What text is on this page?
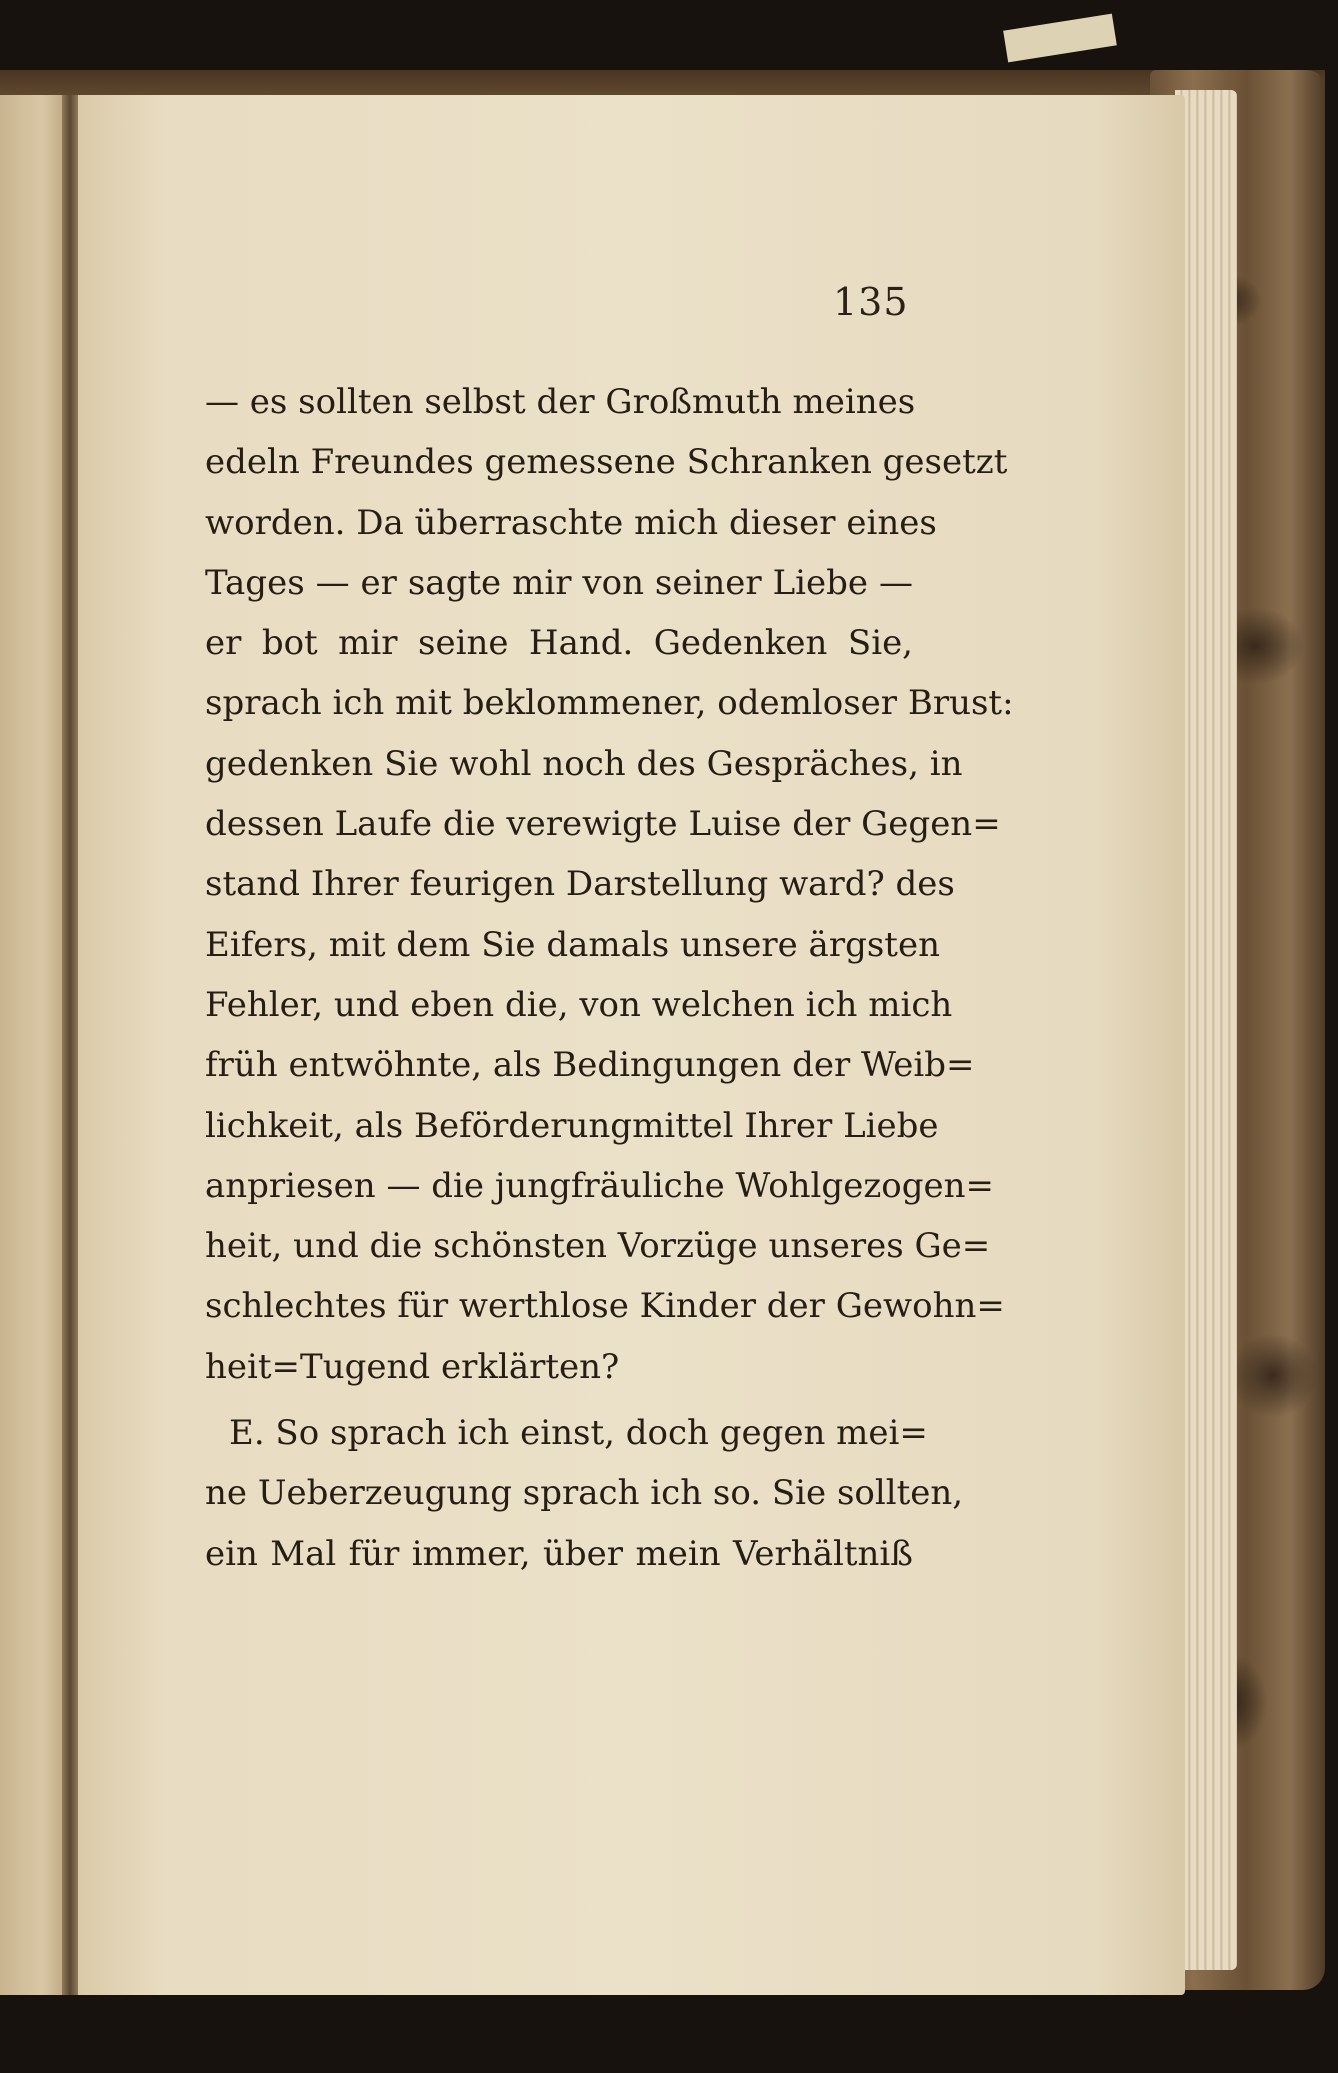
135
— es sollten selbst der Großmuth meines
edeln Freundes gemessene Schranken gesetzt
worden. Da überraschte mich dieser eines
Tages — er sagte mir von seiner Liebe —
er bot mir seine Hand. Gedenken Sie,
sprach ich mit beklommener, odemloser Brust:
gedenken Sie wohl noch des Gespräches, in
dessen Laufe die verewigte Luise der Gegen=
stand Ihrer feurigen Darstellung ward? des
Eifers, mit dem Sie damals unsere ärgsten
Fehler, und eben die, von welchen ich mich
früh entwöhnte, als Bedingungen der Weib=
lichkeit, als Beförderungmittel Ihrer Liebe
anpriesen — die jungfräuliche Wohlgezogen=
heit, und die schönsten Vorzüge unseres Ge=
schlechtes für werthlose Kinder der Gewohn=
heit=Tugend erklärten?
E. So sprach ich einst, doch gegen mei=
ne Ueberzeugung sprach ich so. Sie sollten,
ein Mal für immer, über mein Verhältniß
